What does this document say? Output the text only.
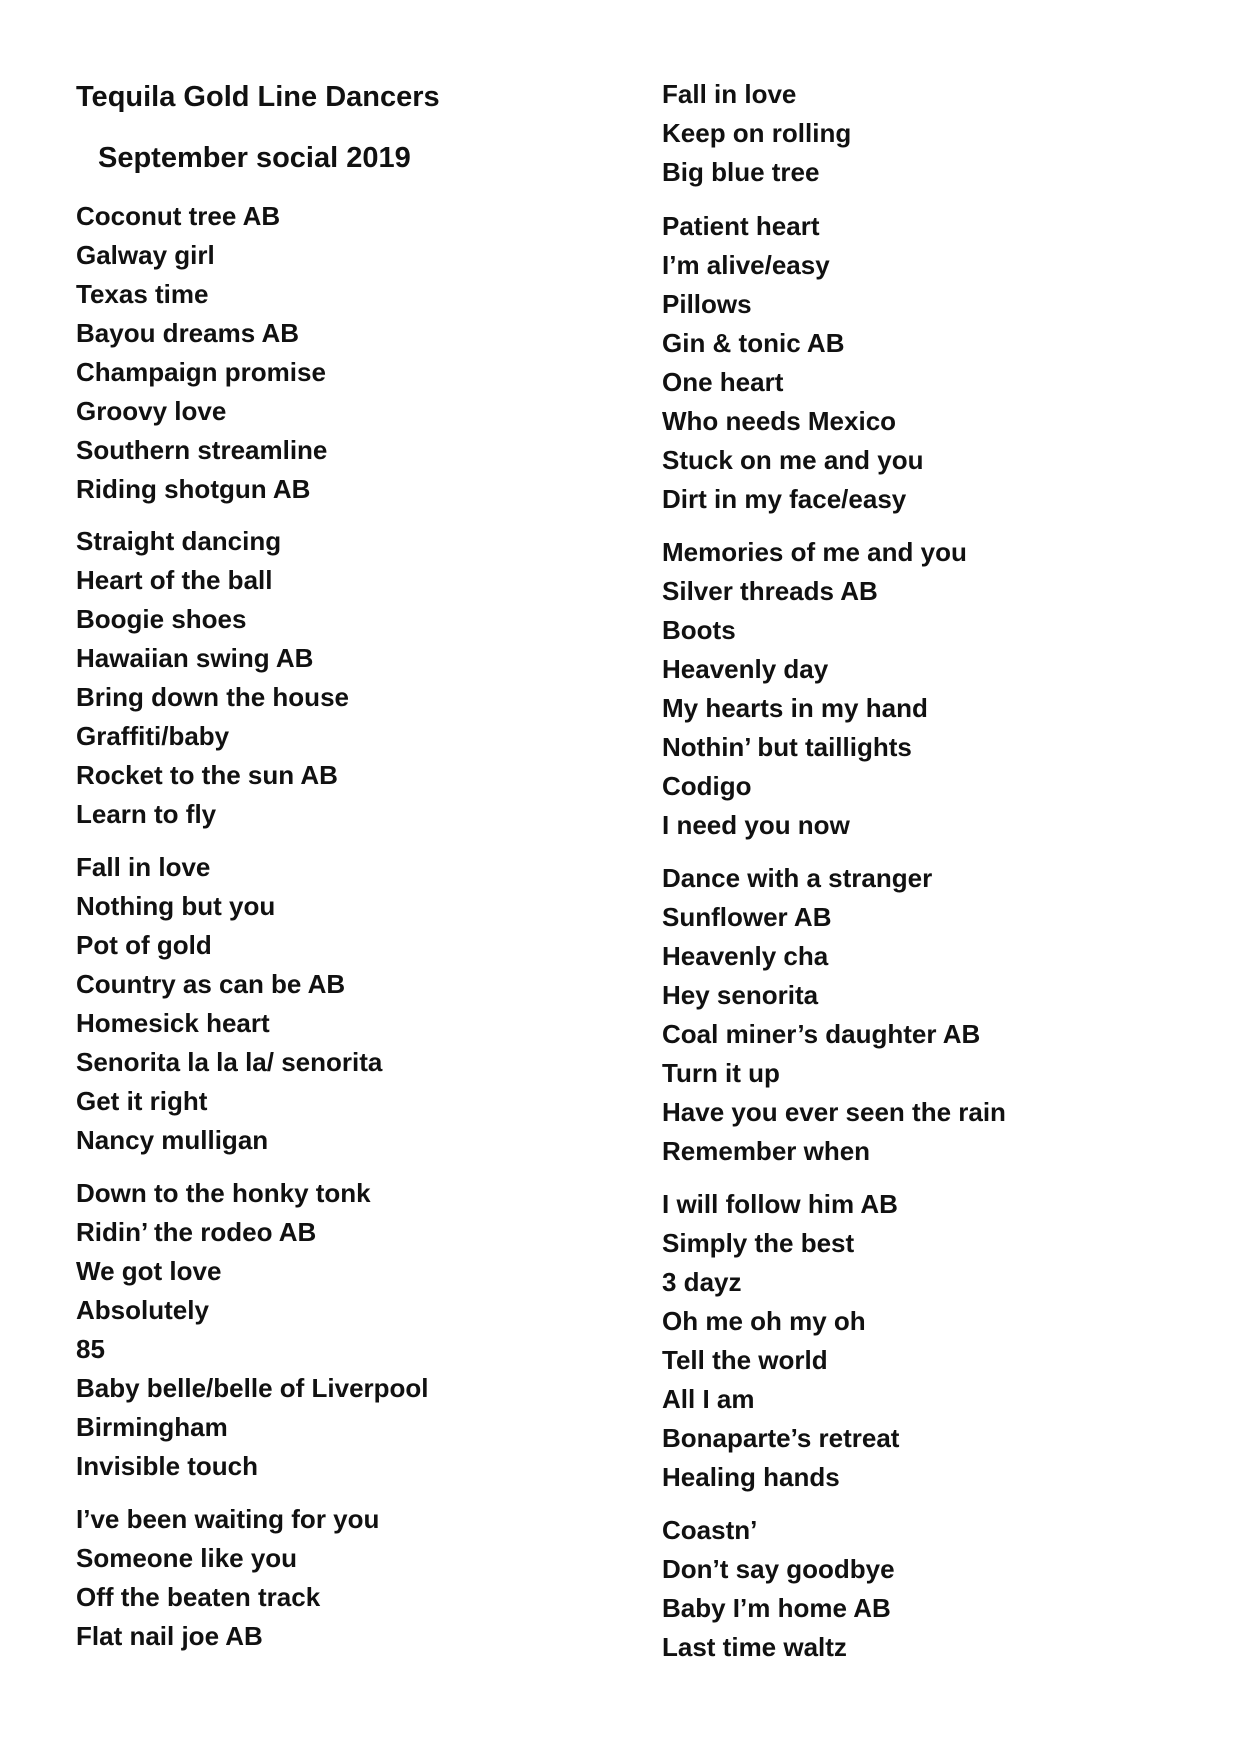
Tequila Gold Line Dancers
September social 2019
Coconut tree AB
Galway girl
Texas time
Bayou dreams AB
Champaign promise
Groovy love
Southern streamline
Riding shotgun AB
Straight dancing
Heart of the ball
Boogie shoes
Hawaiian swing AB
Bring down the house
Graffiti/baby
Rocket to the sun AB
Learn to fly
Fall in love
Nothing but you
Pot of gold
Country as can be AB
Homesick heart
Senorita la la la/ senorita
Get it right
Nancy mulligan
Down to the honky tonk
Ridin’ the rodeo AB
We got love
Absolutely
85
Baby belle/belle of Liverpool
Birmingham
Invisible touch
I’ve been waiting for you
Someone like you
Off the beaten track
Flat nail joe AB
Fall in love
Keep on rolling
Big blue tree
Patient heart
I’m alive/easy
Pillows
Gin & tonic AB
One heart
Who needs Mexico
Stuck on me and you
Dirt in my face/easy
Memories of me and you
Silver threads AB
Boots
Heavenly day
My hearts in my hand
Nothin’ but taillights
Codigo
I need you now
Dance with a stranger
Sunflower AB
Heavenly cha
Hey senorita
Coal miner’s daughter AB
Turn it up
Have you ever seen the rain
Remember when
I will follow him AB
Simply the best
3 dayz
Oh me oh my oh
Tell the world
All I am
Bonaparte’s retreat
Healing hands
Coastn’
Don’t say goodbye
Baby I’m home AB
Last time waltz
